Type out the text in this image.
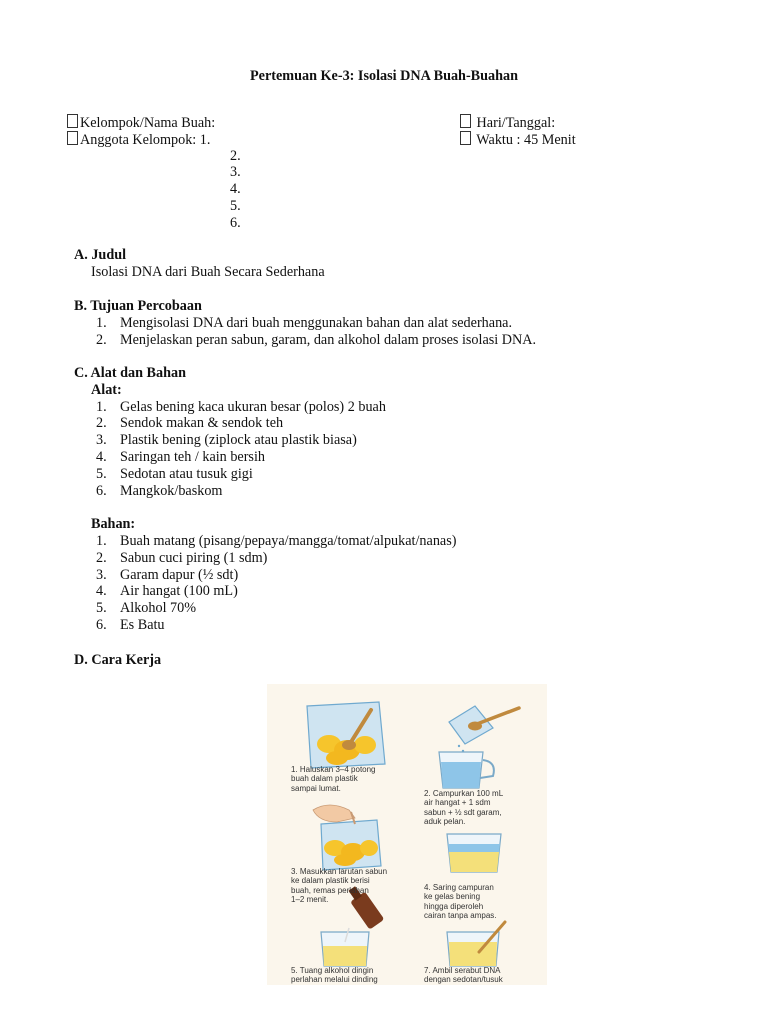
Pertemuan Ke-3: Isolasi DNA Buah-Buahan
Kelompok/Nama Buah:
Anggota Kelompok: 1.
2.
3.
4.
5.
6.
Hari/Tanggal:
Waktu : 45 Menit
A. Judul
Isolasi DNA dari Buah Secara Sederhana
B. Tujuan Percobaan
1. Mengisolasi DNA dari buah menggunakan bahan dan alat sederhana.
2. Menjelaskan peran sabun, garam, dan alkohol dalam proses isolasi DNA.
C. Alat dan Bahan
Alat:
1. Gelas bening kaca ukuran besar (polos) 2 buah
2. Sendok makan & sendok teh
3. Plastik bening (ziplock atau plastik biasa)
4. Saringan teh / kain bersih
5. Sedotan atau tusuk gigi
6. Mangkok/baskom
Bahan:
1. Buah matang (pisang/pepaya/mangga/tomat/alpukat/nanas)
2. Sabun cuci piring (1 sdm)
3. Garam dapur (½ sdt)
4. Air hangat (100 mL)
5. Alkohol 70%
6. Es Batu
D. Cara Kerja
1. Haluskan 3–4 potong
buah dalam plastik
sampai lumat.
2. Campurkan 100 mL
air hangat + 1 sdm
sabun + ½ sdt garam,
aduk pelan.
3. Masukkan larutan sabun
ke dalam plastik berisi
buah, remas perlahan
1–2 menit.
4. Saring campuran
ke gelas bening
hingga diperoleh
cairan tanpa ampas.
5. Tuang alkohol dingin
perlahan melalui dinding
7. Ambil serabut DNA
dengan sedotan/tusuk
